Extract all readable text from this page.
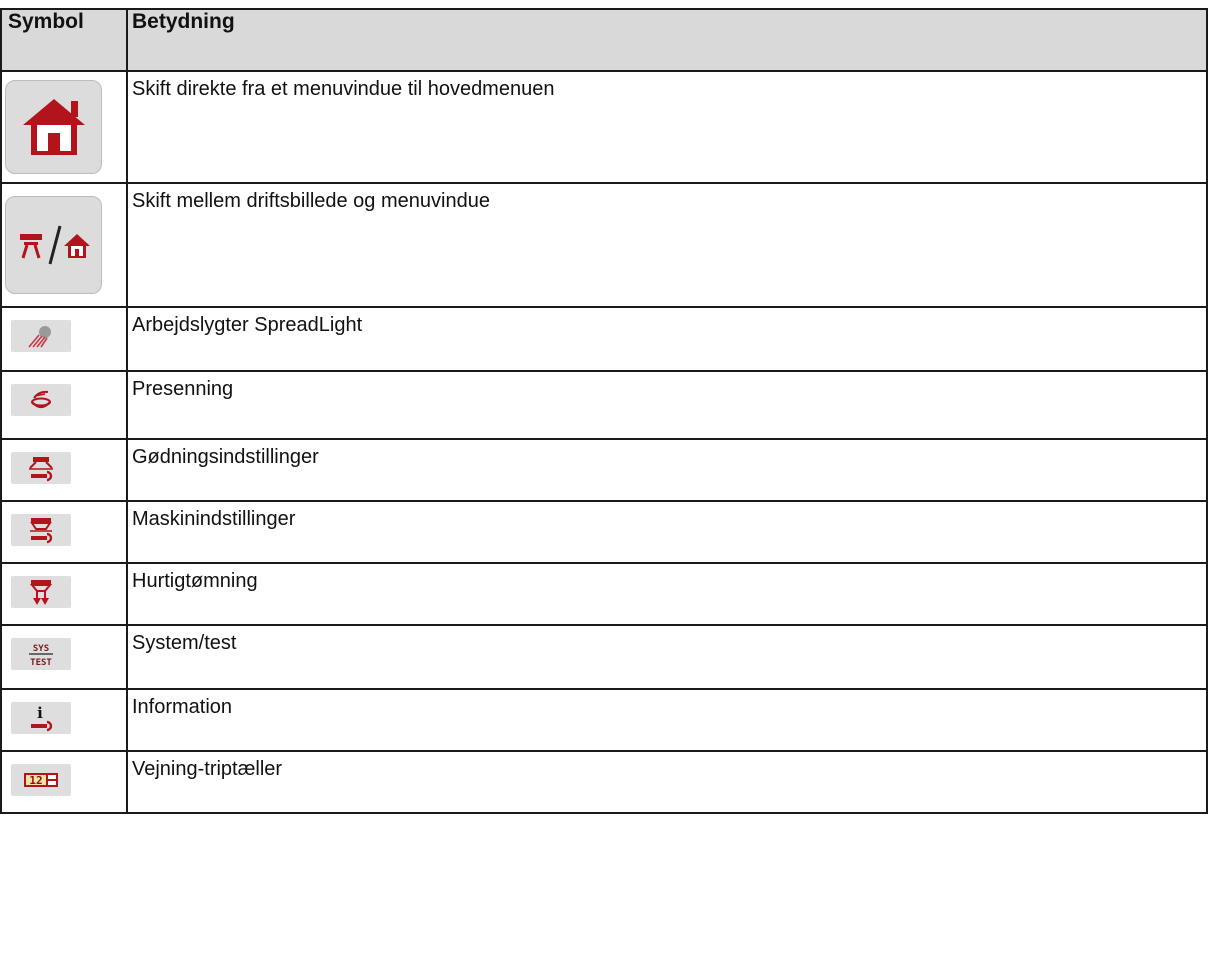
Symbol	Betydning

	Skift direkte fra et menuvindue til hovedmenuen

	Skift mellem driftsbillede og menuvindue

	Arbejdslygter SpreadLight

	Presenning

	Gødningsindstillinger

	Maskinindstillinger

	Hurtigtømning

SYS
TEST	System/test

i	Information

12	Vejning-triptæller
